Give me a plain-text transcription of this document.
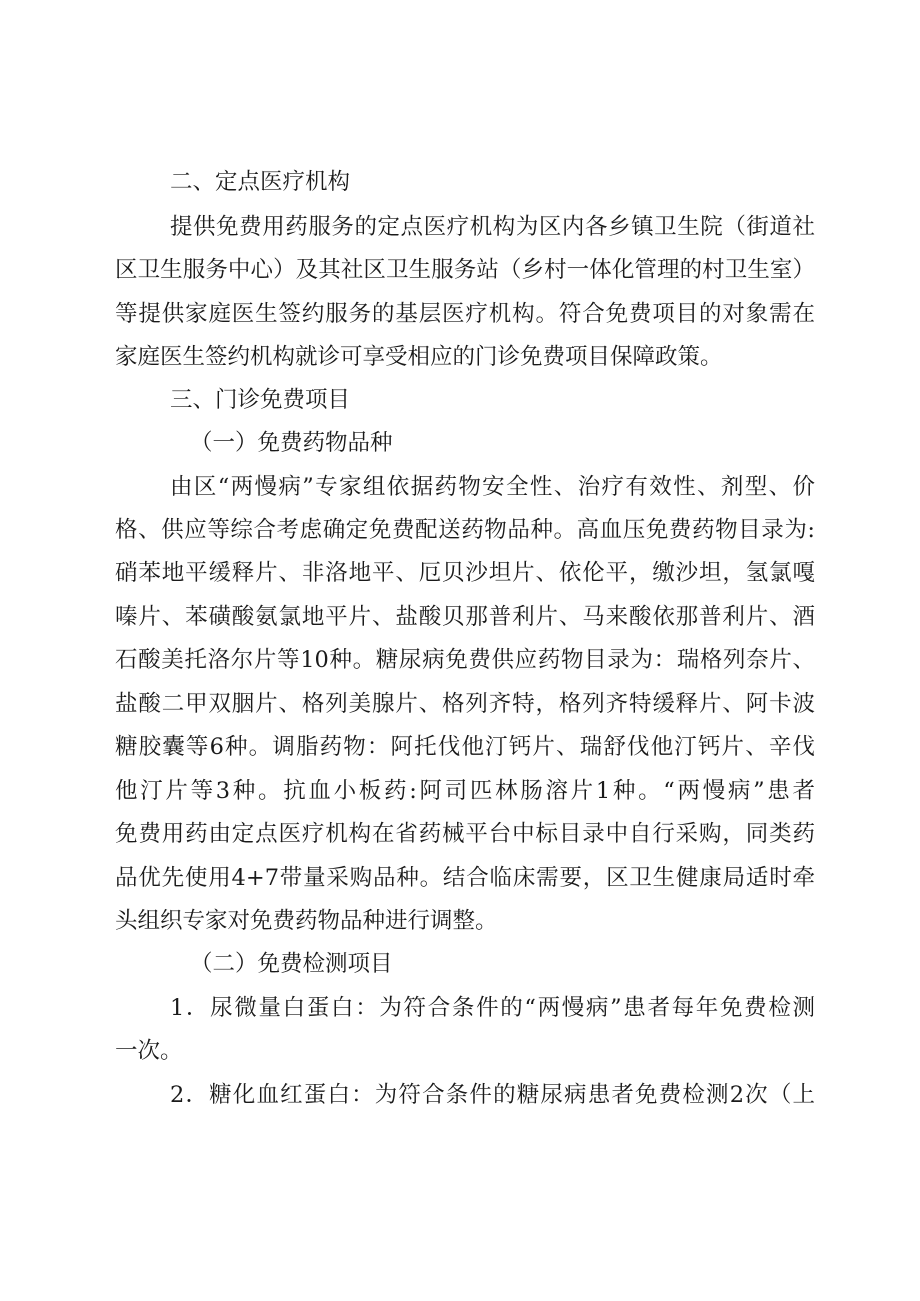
二、定点医疗机构

提供免费用药服务的定点医疗机构为区内各乡镇卫生院（街道社

区卫生服务中心）及其社区卫生服务站（乡村一体化管理的村卫生室）

等提供家庭医生签约服务的基层医疗机构。符合免费项目的对象需在

家庭医生签约机构就诊可享受相应的门诊免费项目保障政策。

三、门诊免费项目

（一）免费药物品种

由区“两慢病”专家组依据药物安全性、治疗有效性、剂型、价

格、供应等综合考虑确定免费配送药物品种。高血压免费药物目录为:

硝苯地平缓释片、非洛地平、厄贝沙坦片、依伦平，缴沙坦，氢氯嘎

嗪片、苯磺酸氨氯地平片、盐酸贝那普利片、马来酸依那普利片、酒

石酸美托洛尔片等10种。糖尿病免费供应药物目录为：瑞格列奈片、

盐酸二甲双胭片、格列美腺片、格列齐特，格列齐特缓释片、阿卡波

糖胶囊等6种。调脂药物：阿托伐他汀钙片、瑞舒伐他汀钙片、辛伐

他汀片等3种。抗血小板药:阿司匹林肠溶片1种。“两慢病”患者

免费用药由定点医疗机构在省药械平台中标目录中自行采购，同类药

品优先使用4+7带量采购品种。结合临床需要，区卫生健康局适时牵

头组织专家对免费药物品种进行调整。

（二）免费检测项目

1．尿微量白蛋白：为符合条件的“两慢病”患者每年免费检测

一次。

2．糖化血红蛋白：为符合条件的糖尿病患者免费检测2次（上
